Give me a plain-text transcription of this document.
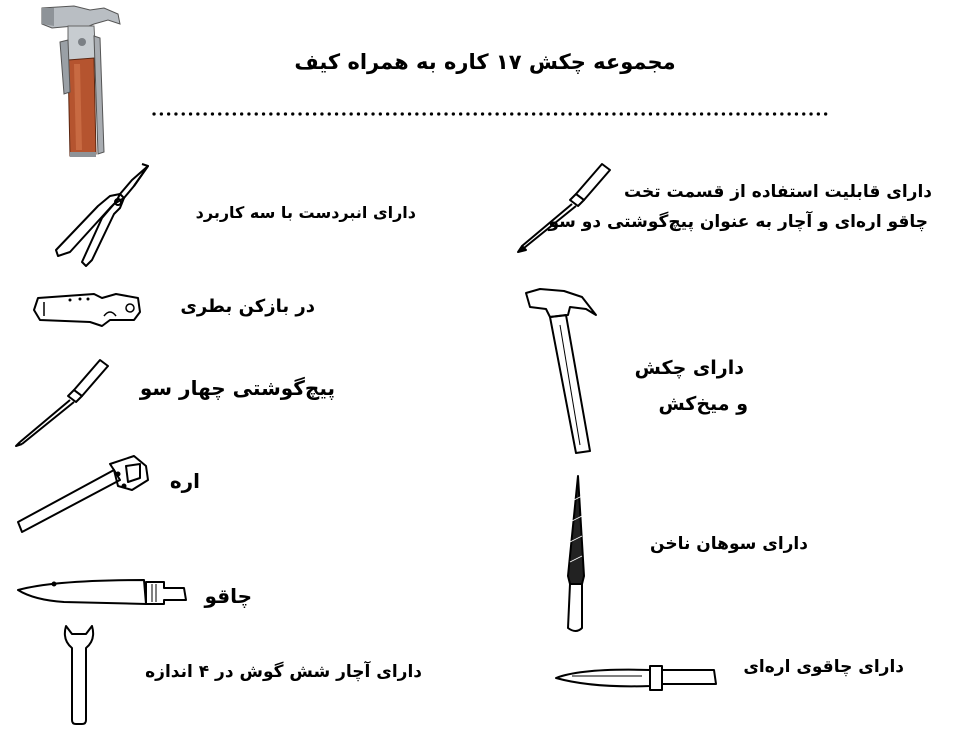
مجموعه چکش ۱۷ کاره به همراه کیف
دارای انبردست با سه کاربرد
در بازکن بطری
پیچ‌گوشتی چهار سو
اره
چاقو
دارای آچار شش گوش در ۴ اندازه
دارای قابلیت استفاده از قسمت تخت
چاقو اره‌ای و آچار به عنوان پیچ‌گوشتی دو سو
دارای چکش
و میخ‌کش
دارای سوهان ناخن
دارای چاقوی اره‌ای
